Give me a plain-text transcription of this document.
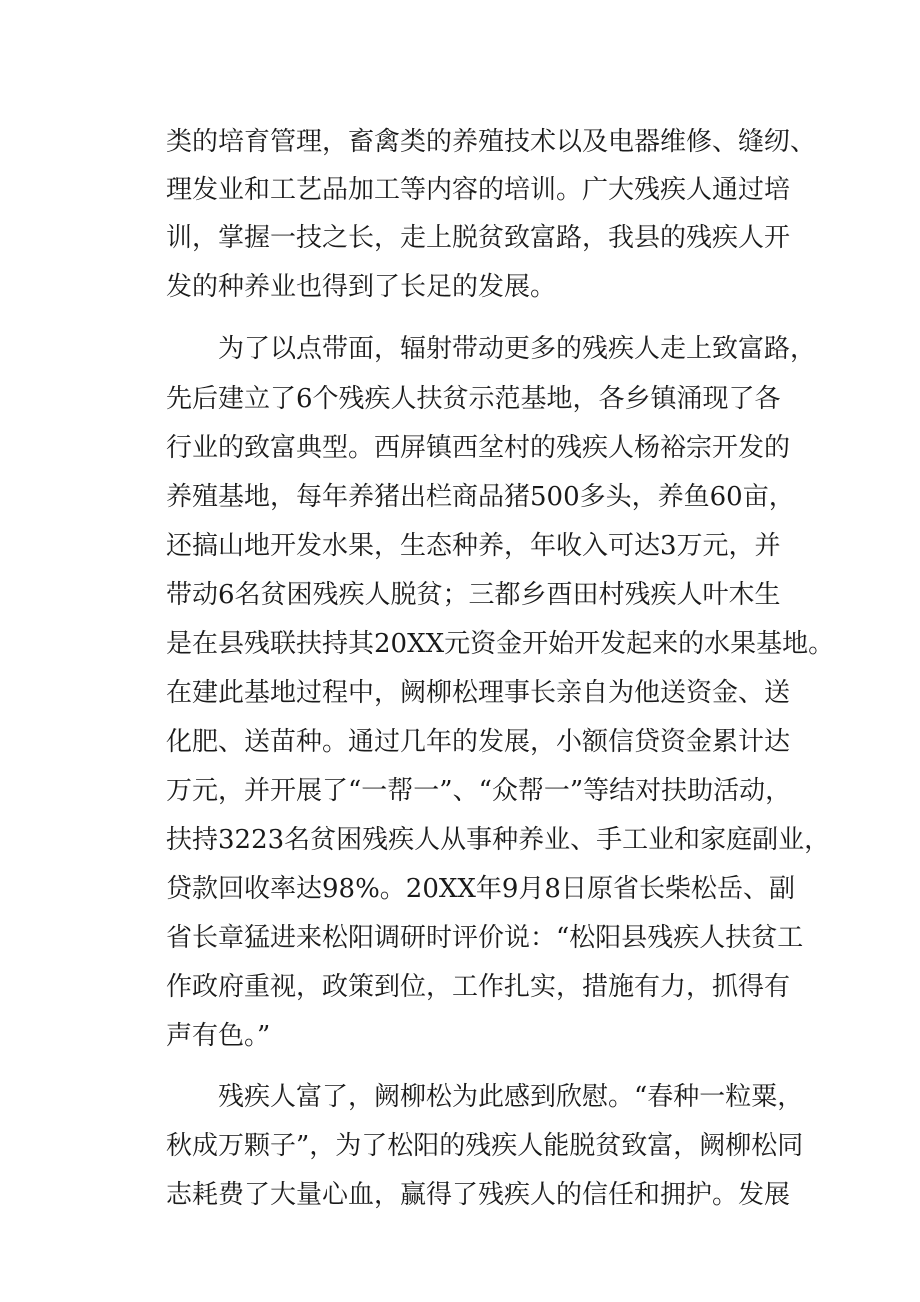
类的培育管理，畜禽类的养殖技术以及电器维修、缝纫、
理发业和工艺品加工等内容的培训。广大残疾人通过培
训，掌握一技之长，走上脱贫致富路，我县的残疾人开
发的种养业也得到了长足的发展。
为了以点带面，辐射带动更多的残疾人走上致富路，
先后建立了6个残疾人扶贫示范基地，各乡镇涌现了各
行业的致富典型。西屏镇西坌村的残疾人杨裕宗开发的
养殖基地，每年养猪出栏商品猪500多头，养鱼60亩，
还搞山地开发水果，生态种养，年收入可达3万元，并
带动6名贫困残疾人脱贫；三都乡酉田村残疾人叶木生
是在县残联扶持其20XX元资金开始开发起来的水果基地。
在建此基地过程中，阙柳松理事长亲自为他送资金、送
化肥、送苗种。通过几年的发展，小额信贷资金累计达
万元，并开展了“一帮一”、“众帮一”等结对扶助活动，
扶持3223名贫困残疾人从事种养业、手工业和家庭副业，
贷款回收率达98%。20XX年9月8日原省长柴松岳、副
省长章猛进来松阳调研时评价说：“松阳县残疾人扶贫工
作政府重视，政策到位，工作扎实，措施有力，抓得有
声有色。”
残疾人富了，阙柳松为此感到欣慰。“春种一粒粟，
秋成万颗子”，为了松阳的残疾人能脱贫致富，阙柳松同
志耗费了大量心血，赢得了残疾人的信任和拥护。发展
